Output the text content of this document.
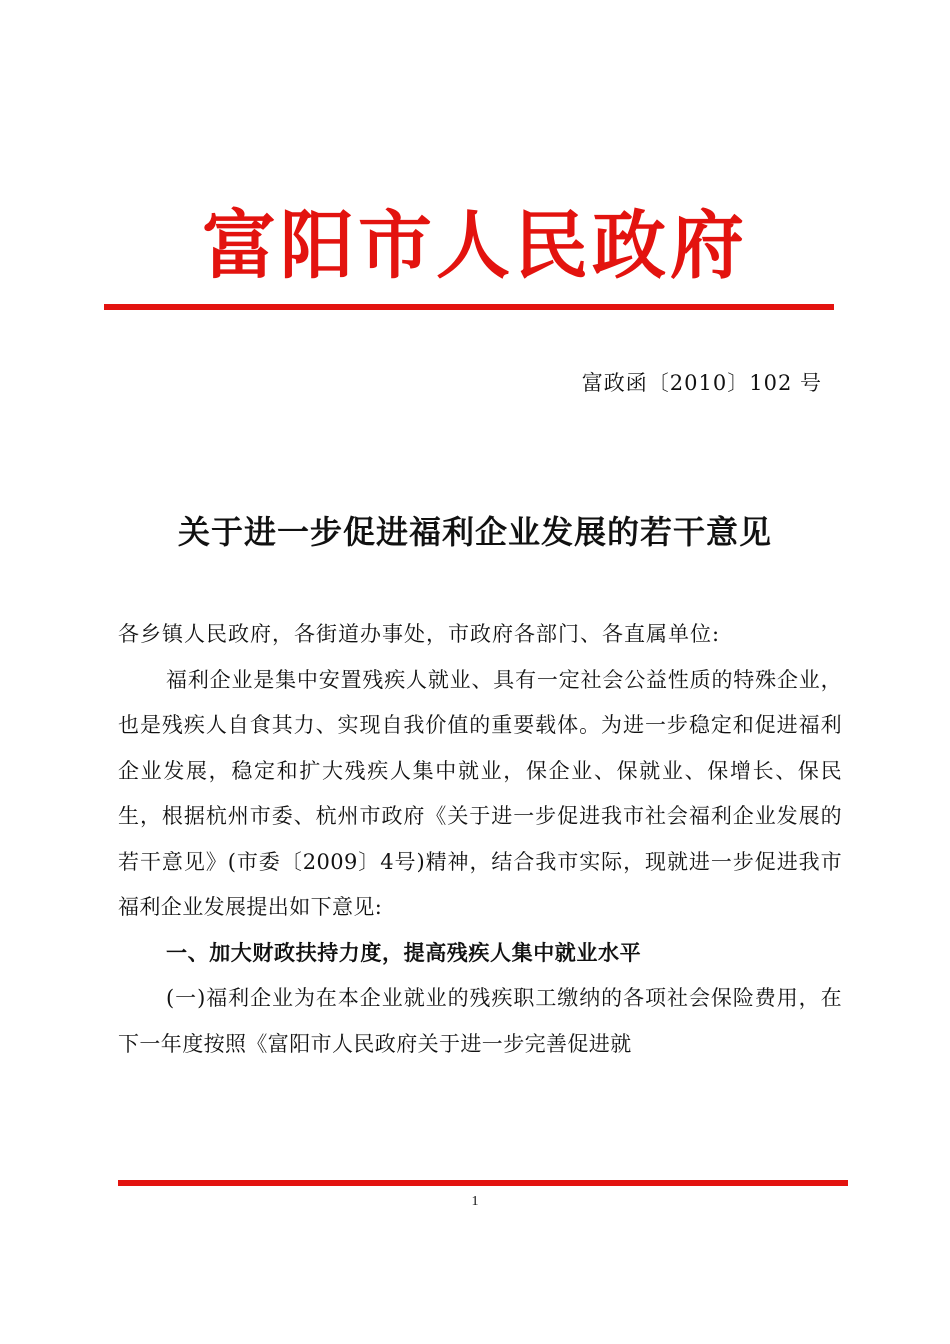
富阳市人民政府
富政函〔2010〕102 号
关于进一步促进福利企业发展的若干意见

各乡镇人民政府，各街道办事处，市政府各部门、各直属单位:

福利企业是集中安置残疾人就业、具有一定社会公益性质的特殊企业，也是残疾人自食其力、实现自我价值的重要载体。为进一步稳定和促进福利企业发展，稳定和扩大残疾人集中就业，保企业、保就业、保增长、保民生，根据杭州市委、杭州市政府《关于进一步促进我市社会福利企业发展的若干意见》(市委〔2009〕4号)精神，结合我市实际，现就进一步促进我市福利企业发展提出如下意见:

一、加大财政扶持力度，提高残疾人集中就业水平

(一)福利企业为在本企业就业的残疾职工缴纳的各项社会保险费用，在下一年度按照《富阳市人民政府关于进一步完善促进就

1
